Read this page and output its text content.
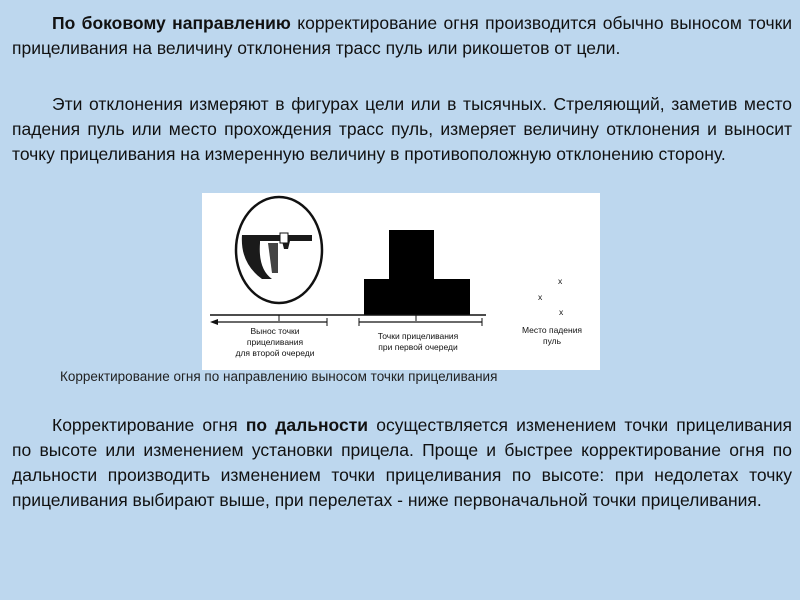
По боковому направлению корректирование огня производится обычно выносом точки прицеливания на величину отклонения трасс пуль или рикошетов от цели.

Эти отклонения измеряют в фигурах цели или в тысячных. Стреляющий, заметив место падения пуль или место прохождения трасс пуль, измеряет величину отклонения и выносит точку прицеливания на измеренную величину в противоположную отклонению сторону.

x
x
x
Вынос точки
прицеливания
для второй очереди
Точки прицеливания
при первой очереди
Место падения
пуль
Корректирование огня по направлению выносом точки прицеливания

Корректирование огня по дальности осуществляется изменением точки прицеливания по высоте или изменением установки прицела. Проще и быстрее корректирование огня по дальности производить изменением точки прицеливания по высоте: при недолетах точку прицеливания выбирают выше, при перелетах - ниже первоначальной точки прицеливания.
